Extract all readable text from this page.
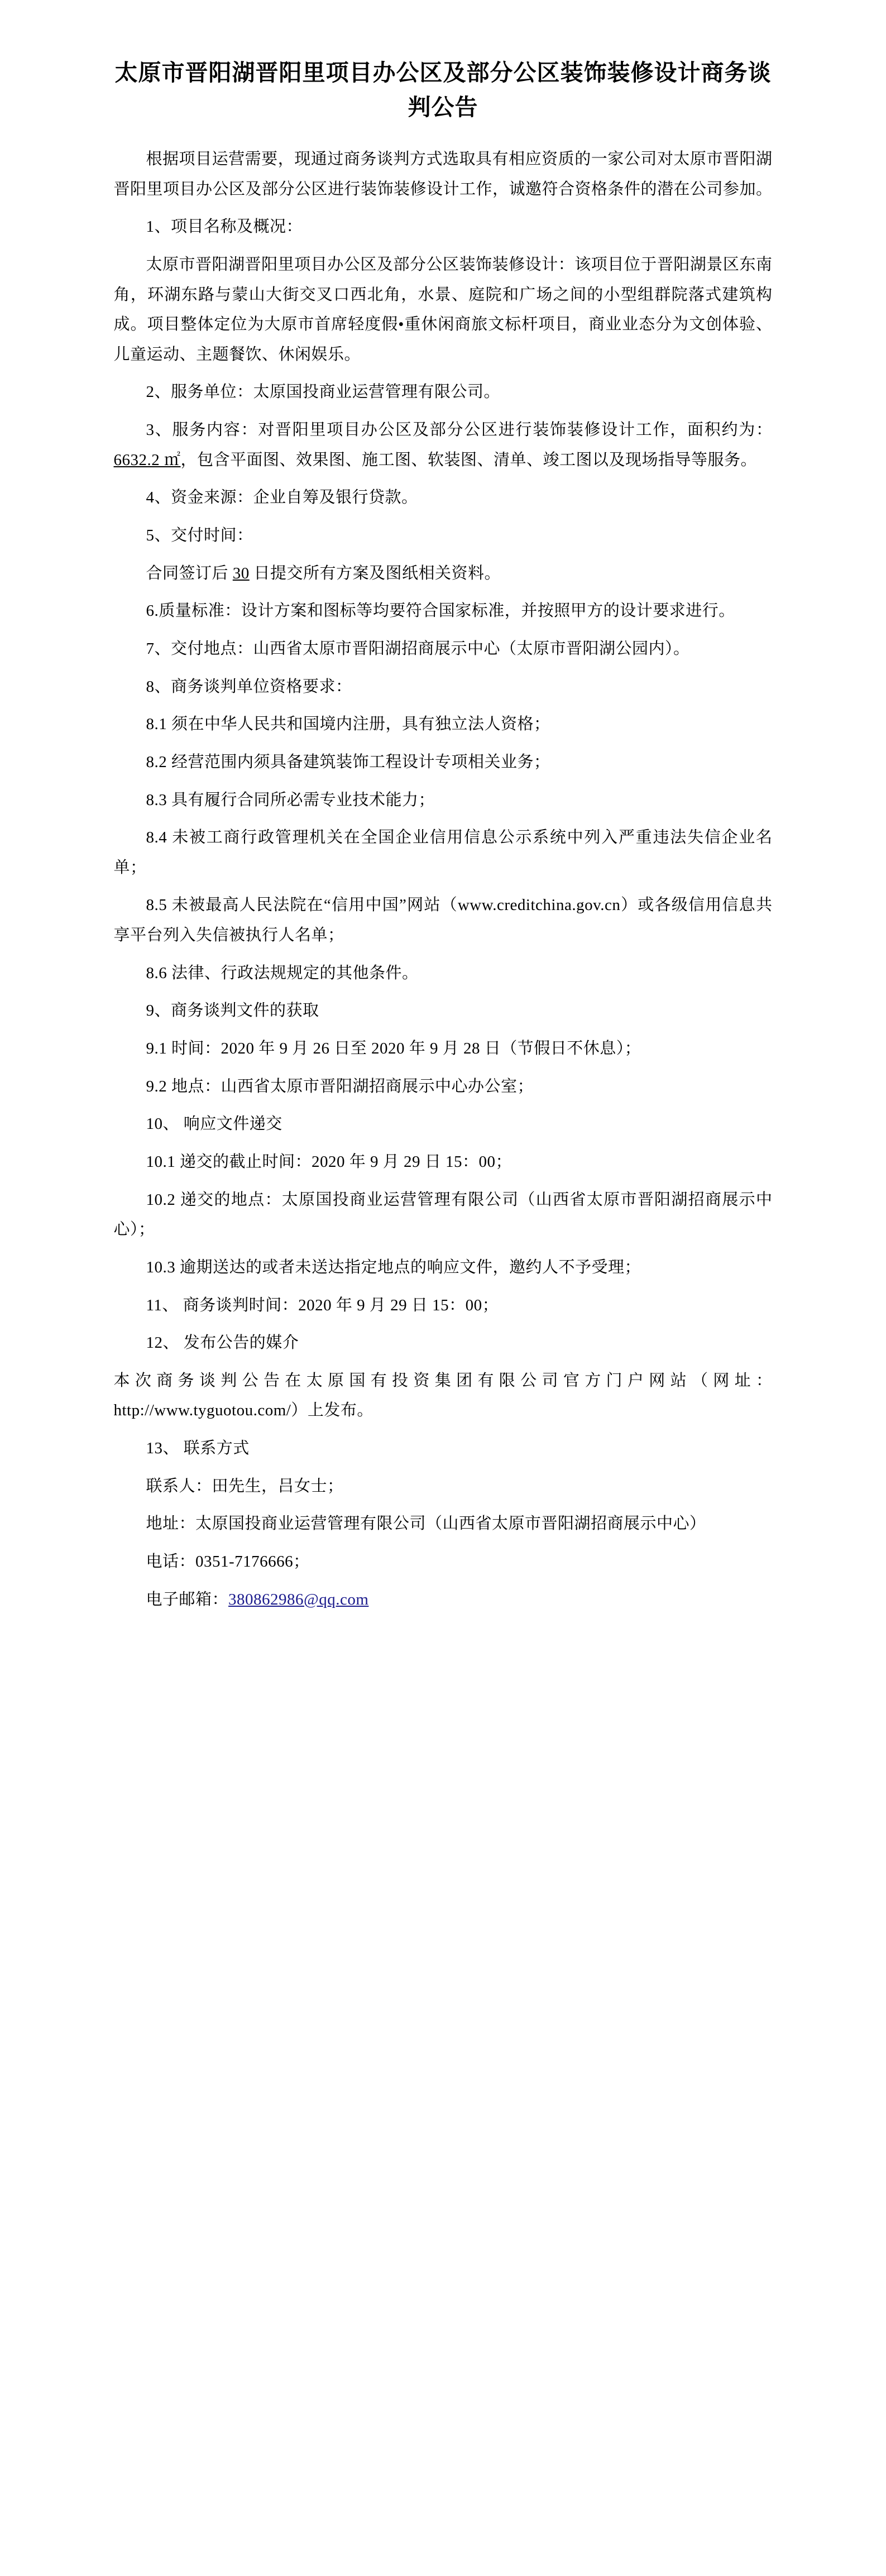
太原市晋阳湖晋阳里项目办公区及部分公区装饰装修设计商务谈判公告

根据项目运营需要，现通过商务谈判方式选取具有相应资质的一家公司对太原市晋阳湖晋阳里项目办公区及部分公区进行装饰装修设计工作，诚邀符合资格条件的潜在公司参加。

1、项目名称及概况：

太原市晋阳湖晋阳里项目办公区及部分公区装饰装修设计：该项目位于晋阳湖景区东南角，环湖东路与蒙山大街交叉口西北角，水景、庭院和广场之间的小型组群院落式建筑构成。项目整体定位为大原市首席轻度假•重休闲商旅文标杆项目，商业业态分为文创体验、儿童运动、主题餐饮、休闲娱乐。

2、服务单位：太原国投商业运营管理有限公司。

3、服务内容：对晋阳里项目办公区及部分公区进行装饰装修设计工作，面积约为：6632.2 ㎡，包含平面图、效果图、施工图、软装图、清单、竣工图以及现场指导等服务。

4、资金来源：企业自筹及银行贷款。

5、交付时间：

合同签订后 30 日提交所有方案及图纸相关资料。

6.质量标准：设计方案和图标等均要符合国家标准，并按照甲方的设计要求进行。

7、交付地点：山西省太原市晋阳湖招商展示中心（太原市晋阳湖公园内）。

8、商务谈判单位资格要求：

8.1 须在中华人民共和国境内注册，具有独立法人资格；

8.2 经营范围内须具备建筑装饰工程设计专项相关业务；

8.3 具有履行合同所必需专业技术能力；

8.4 未被工商行政管理机关在全国企业信用信息公示系统中列入严重违法失信企业名单；

8.5 未被最高人民法院在“信用中国”网站（www.creditchina.gov.cn）或各级信用信息共享平台列入失信被执行人名单；

8.6 法律、行政法规规定的其他条件。

9、商务谈判文件的获取

9.1 时间：2020 年 9 月 26 日至 2020 年 9 月 28 日（节假日不休息）；

9.2 地点：山西省太原市晋阳湖招商展示中心办公室；

10、 响应文件递交

10.1 递交的截止时间：2020 年 9 月 29 日 15：00；

10.2 递交的地点：太原国投商业运营管理有限公司（山西省太原市晋阳湖招商展示中心）；

10.3 逾期送达的或者未送达指定地点的响应文件，邀约人不予受理；

11、 商务谈判时间：2020 年 9 月 29 日 15：00；

12、 发布公告的媒介

本次商务谈判公告在太原国有投资集团有限公司官方门户网站（网址：http://www.tyguotou.com/）上发布。

13、 联系方式

联系人：田先生，吕女士；

地址：太原国投商业运营管理有限公司（山西省太原市晋阳湖招商展示中心）

电话：0351-7176666；

电子邮箱：380862986@qq.com
